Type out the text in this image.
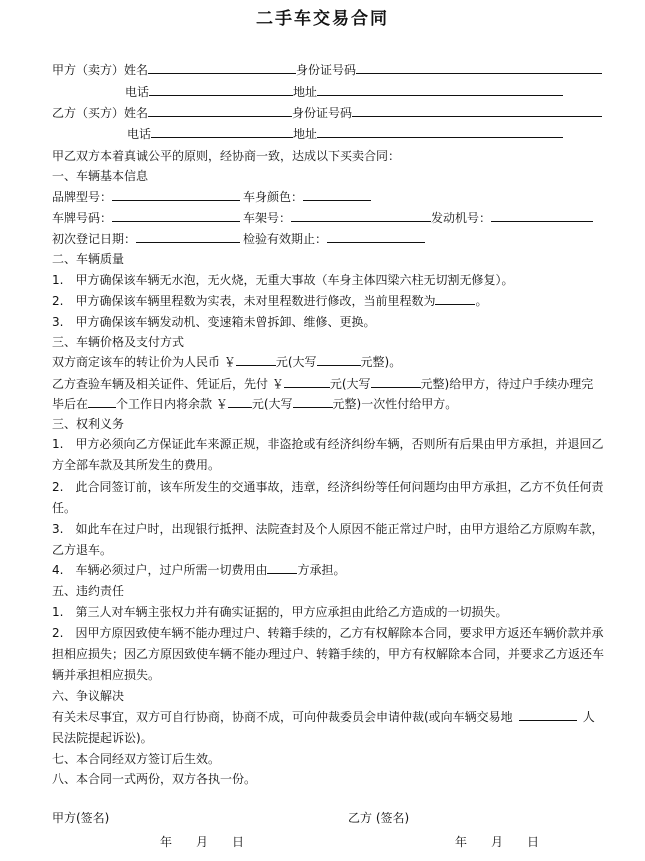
二手车交易合同
甲方（卖方）姓名	身份证号码
电话	地址
乙方（买方）姓名	身份证号码
电话	地址
甲乙双方本着真诚公平的原则，经协商一致，达成以下买卖合同：
一、车辆基本信息
品牌型号：	车身颜色：
车牌号码：	车架号：	发动机号：
初次登记日期：	检验有效期止：
二、车辆质量
1.　甲方确保该车辆无水泡，无火烧，无重大事故（车身主体四梁六柱无切割无修复）。
2.　甲方确保该车辆里程数为实表，未对里程数进行修改，当前里程数为	。
3.　甲方确保该车辆发动机、变速箱未曾拆卸、维修、更换。
三、车辆价格及支付方式
双方商定该车的转让价为人民币 ￥	元(大写	元整)。
乙方查验车辆及相关证件、凭证后，先付 ￥	元(大写	元整)给甲方，待过户手续办理完
毕后在 个工作日内将余款 ￥ 元(大写	元整)一次性付给甲方。
三、权利义务
1.　甲方必须向乙方保证此车来源正规，非盗抢或有经济纠纷车辆，否则所有后果由甲方承担，并退回乙
方全部车款及其所发生的费用。
2.　此合同签订前，该车所发生的交通事故，违章，经济纠纷等任何问题均由甲方承担，乙方不负任何责
任。
3.　如此车在过户时，出现银行抵押、法院查封及个人原因不能正常过户时，由甲方退给乙方原购车款，
乙方退车。
4.　车辆必须过户，过户所需一切费用由	方承担。
五、违约责任
1.　第三人对车辆主张权力并有确实证据的，甲方应承担由此给乙方造成的一切损失。
2.　因甲方原因致使车辆不能办理过户、转籍手续的，乙方有权解除本合同，要求甲方返还车辆价款并承
担相应损失；因乙方原因致使车辆不能办理过户、转籍手续的，甲方有权解除本合同，并要求乙方返还车
辆并承担相应损失。
六、争议解决
有关未尽事宜，双方可自行协商，协商不成，可向仲裁委员会申请仲裁(或向车辆交易地	人
民法院提起诉讼)。
七、本合同经双方签订后生效。
八、本合同一式两份，双方各执一份。
甲方(签名)	乙方 (签名)
年　　月　　日	年　　月　　日
